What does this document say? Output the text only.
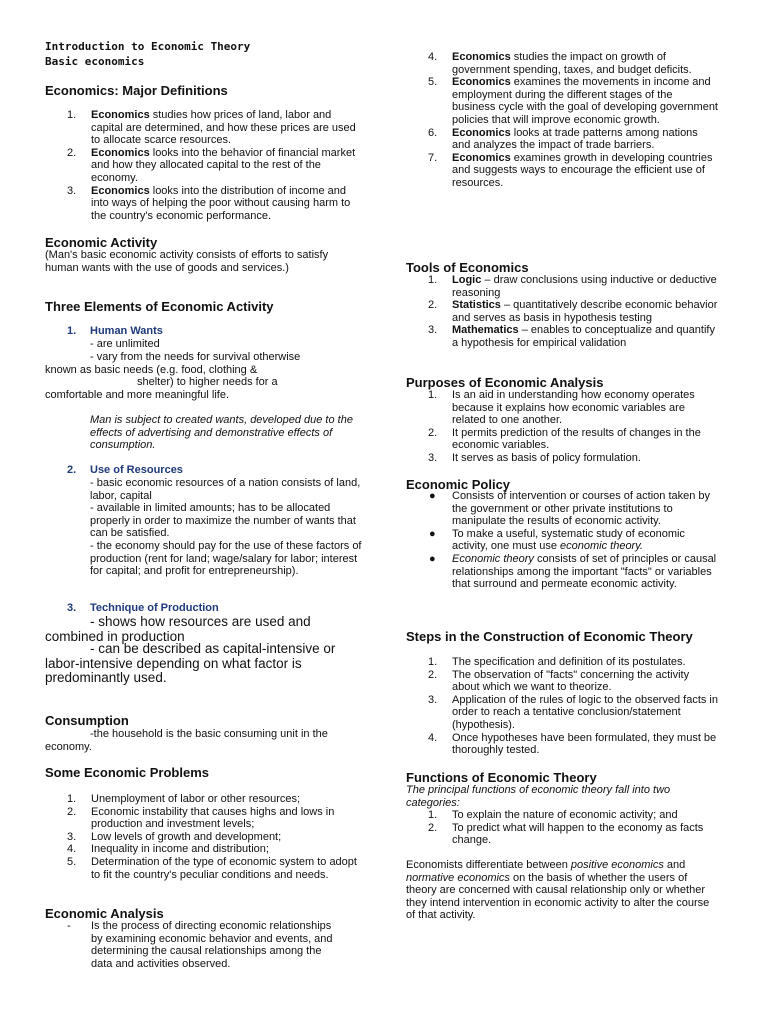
Introduction to Economic Theory
Basic economics
Economics: Major Definitions
1. Economics studies how prices of land, labor and capital are determined, and how these prices are used to allocate scarce resources.
2. Economics looks into the behavior of financial market and how they allocated capital to the rest of the economy.
3. Economics looks into the distribution of income and into ways of helping the poor without causing harm to the country's economic performance.
Economic Activity
(Man's basic economic activity consists of efforts to satisfy human wants with the use of goods and services.)
Three Elements of Economic Activity
1. Human Wants
- are unlimited
- vary from the needs for survival otherwise known as basic needs (e.g. food, clothing &
shelter) to higher needs for a comfortable and more meaningful life.
Man is subject to created wants, developed due to the effects of advertising and demonstrative effects of consumption.
2. Use of Resources
- basic economic resources of a nation consists of land, labor, capital
- available in limited amounts; has to be allocated properly in order to maximize the number of wants that can be satisfied.
- the economy should pay for the use of these factors of production (rent for land; wage/salary for labor; interest for capital; and profit for entrepreneurship).
3. Technique of Production
- shows how resources are used and combined in production
- can be described as capital-intensive or labor-intensive depending on what factor is predominantly used.
Consumption
-the household is the basic consuming unit in the economy.
Some Economic Problems
1. Unemployment of labor or other resources;
2. Economic instability that causes highs and lows in production and investment levels;
3. Low levels of growth and development;
4. Inequality in income and distribution;
5. Determination of the type of economic system to adopt to fit the country's peculiar conditions and needs.
Economic Analysis
- Is the process of directing economic relationships by examining economic behavior and events, and determining the causal relationships among the data and activities observed.
4. Economics studies the impact on growth of government spending, taxes, and budget deficits.
5. Economics examines the movements in income and employment during the different stages of the business cycle with the goal of developing government policies that will improve economic growth.
6. Economics looks at trade patterns among nations and analyzes the impact of trade barriers.
7. Economics examines growth in developing countries and suggests ways to encourage the efficient use of resources.
Tools of Economics
1. Logic – draw conclusions using inductive or deductive reasoning
2. Statistics – quantitatively describe economic behavior and serves as basis in hypothesis testing
3. Mathematics – enables to conceptualize and quantify a hypothesis for empirical validation
Purposes of Economic Analysis
1. Is an aid in understanding how economy operates because it explains how economic variables are related to one another.
2. It permits prediction of the results of changes in the economic variables.
3. It serves as basis of policy formulation.
Economic Policy
● Consists of intervention or courses of action taken by the government or other private institutions to manipulate the results of economic activity.
● To make a useful, systematic study of economic activity, one must use economic theory.
● Economic theory consists of set of principles or causal relationships among the important "facts" or variables that surround and permeate economic activity.
Steps in the Construction of Economic Theory
1. The specification and definition of its postulates.
2. The observation of "facts" concerning the activity about which we want to theorize.
3. Application of the rules of logic to the observed facts in order to reach a tentative conclusion/statement (hypothesis).
4. Once hypotheses have been formulated, they must be thoroughly tested.
Functions of Economic Theory
The principal functions of economic theory fall into two categories:
1. To explain the nature of economic activity; and
2. To predict what will happen to the economy as facts change.
Economists differentiate between positive economics and normative economics on the basis of whether the users of theory are concerned with causal relationship only or whether they intend intervention in economic activity to alter the course of that activity.
